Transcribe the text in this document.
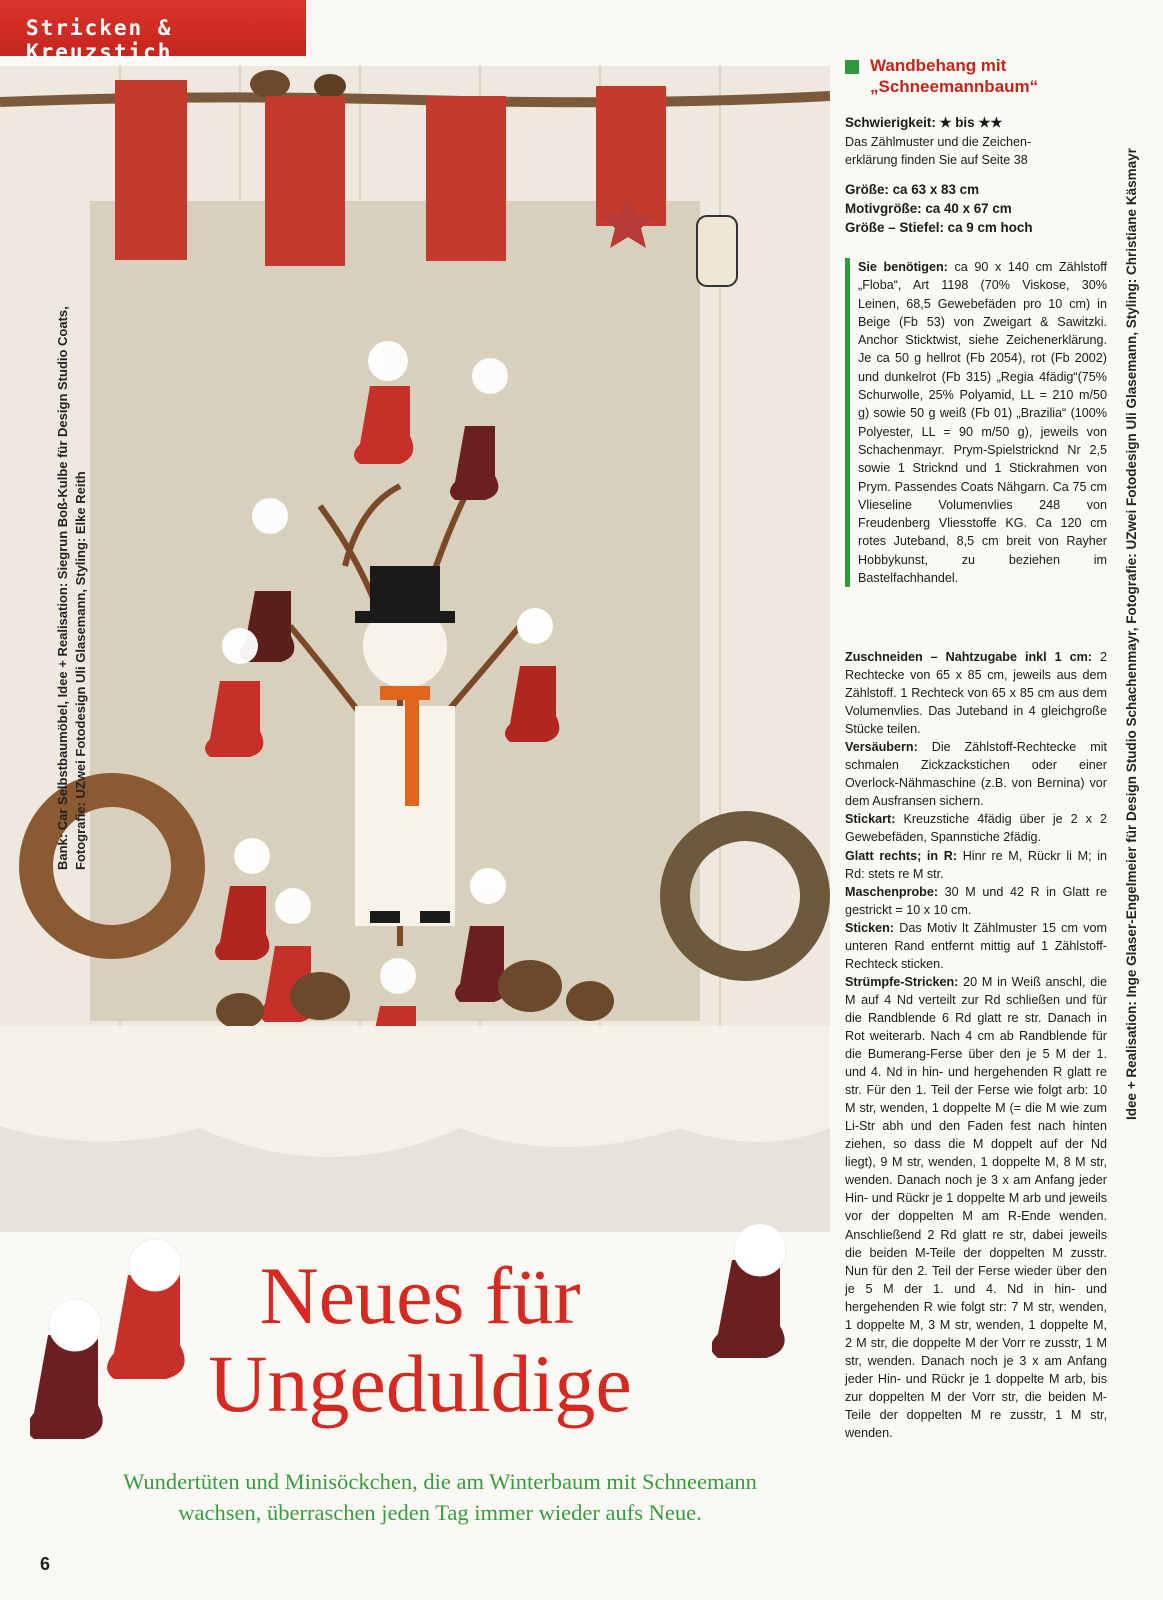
Stricken & Kreuzstich
Bank: Car Selbstbaumöbel, Idee + Realisation: Siegrun Boß-Kulbe für Design Studio Coats, Fotografie: UZwei Fotodesign Uli Glasemann, Styling: Elke Reith	Idee + Realisation: Inge Glaser-Engelmeier für Design Studio Schachenmayr, Fotografie: UZwei Fotodesign Uli Glasemann, Styling: Christiane Käsmayr
Wandbehang mit
„Schneemannbaum“
Schwierigkeit: ★ bis ★★
Das Zählmuster und die Zeichen-
erklärung finden Sie auf Seite 38
Größe: ca 63 x 83 cm
Motivgröße: ca 40 x 67 cm
Größe – Stiefel: ca 9 cm hoch
Sie benötigen: ca 90 x 140 cm Zählstoff „Floba“, Art 1198 (70% Viskose, 30% Leinen, 68,5 Gewebefäden pro 10 cm) in Beige (Fb 53) von Zweigart & Sawitzki. Anchor Sticktwist, siehe Zeichenerklärung. Je ca 50 g hellrot (Fb 2054), rot (Fb 2002) und dunkelrot (Fb 315) „Regia 4fädig“(75% Schurwolle, 25% Polyamid, LL = 210 m/50 g) sowie 50 g weiß (Fb 01) „Brazilia“ (100% Polyester, LL = 90 m/50 g), jeweils von Schachenmayr. Prym-Spielstricknd Nr 2,5 sowie 1 Stricknd und 1 Stickrahmen von Prym. Passendes Coats Nähgarn. Ca 75 cm Vlieseline Volumenvlies 248 von Freudenberg Vliesstoffe KG. Ca 120 cm rotes Juteband, 8,5 cm breit von Rayher Hobbykunst, zu beziehen im Bastelfachhandel.
Zuschneiden – Nahtzugabe inkl 1 cm: 2 Rechtecke von 65 x 85 cm, jeweils aus dem Zählstoff. 1 Rechteck von 65 x 85 cm aus dem Volumenvlies. Das Juteband in 4 gleichgroße Stücke teilen.
Versäubern: Die Zählstoff-Rechtecke mit schmalen Zickzackstichen oder einer Overlock-Nähmaschine (z.B. von Bernina) vor dem Ausfransen sichern.
Stickart: Kreuzstiche 4fädig über je 2 x 2 Gewebefäden, Spannstiche 2fädig.
Glatt rechts; in R: Hinr re M, Rückr li M; in Rd: stets re M str.
Maschenprobe: 30 M und 42 R in Glatt re gestrickt = 10 x 10 cm.
Sticken: Das Motiv lt Zählmuster 15 cm vom unteren Rand entfernt mittig auf 1 Zählstoff-Rechteck sticken.
Strümpfe-Stricken: 20 M in Weiß anschl, die M auf 4 Nd verteilt zur Rd schließen und für die Randblende 6 Rd glatt re str. Danach in Rot weiterarb. Nach 4 cm ab Randblende für die Bumerang-Ferse über den je 5 M der 1. und 4. Nd in hin- und hergehenden R glatt re str. Für den 1. Teil der Ferse wie folgt arb: 10 M str, wenden, 1 doppelte M (= die M wie zum Li-Str abh und den Faden fest nach hinten ziehen, so dass die M doppelt auf der Nd liegt), 9 M str, wenden, 1 doppelte M, 8 M str, wenden. Danach noch je 3 x am Anfang jeder Hin- und Rückr je 1 doppelte M arb und jeweils vor der doppelten M am R-Ende wenden. Anschließend 2 Rd glatt re str, dabei jeweils die beiden M-Teile der doppelten M zusstr. Nun für den 2. Teil der Ferse wieder über den je 5 M der 1. und 4. Nd in hin- und hergehenden R wie folgt str: 7 M str, wenden, 1 doppelte M, 3 M str, wenden, 1 doppelte M, 2 M str, die doppelte M der Vorr re zusstr, 1 M str, wenden. Danach noch je 3 x am Anfang jeder Hin- und Rückr je 1 doppelte M arb, bis zur doppelten M der Vorr str, die beiden M-Teile der doppelten M re zusstr, 1 M str, wenden.
Neues für
Ungeduldige
Wundertüten und Minisöckchen, die am Winterbaum mit Schneemann
wachsen, überraschen jeden Tag immer wieder aufs Neue.
6
